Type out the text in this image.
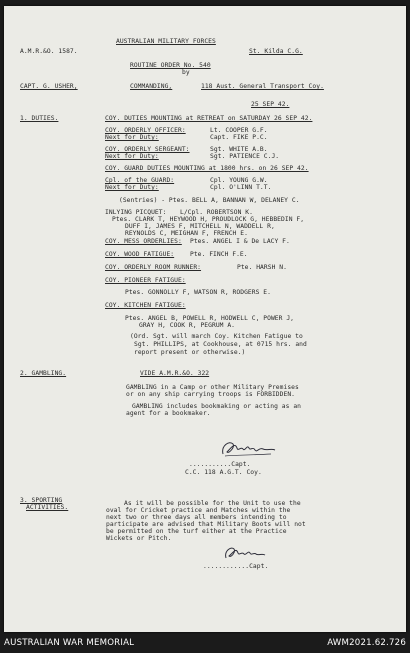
AUSTRALIAN MILITARY FORCES
A.M.R.&O. 1587.	St. Kilda C.G.
ROUTINE ORDER No. 540
by
CAPT. G. USHER,	COMMANDING,	118 Aust. General Transport Coy.
25 SEP 42.
1. DUTIES.	COY. DUTIES MOUNTING at RETREAT on SATURDAY 26 SEP 42.
COY. ORDERLY OFFICER:	Lt. COOPER G.F.
Next for Duty:	Capt. FIKE P.C.
COY. ORDERLY SERGEANT:	Sgt. WHITE A.B.
Next for Duty:	Sgt. PATIENCE C.J.
COY. GUARD DUTIES MOUNTING at 1800 hrs. on 26 SEP 42.
Cpl. of the GUARD:	Cpl. YOUNG G.W.
Next for Duty:	Cpl. O'LINN T.T.
(Sentries) - Ptes. BELL A, BANNAN W, DELANEY C.
INLYING PICQUET: L/Cpl. ROBERTSON K.
Ptes. CLARK T, HEYWOOD H, PROUDLOCK G, HEBBEDIN F,
DUFF I, JAMES F, MITCHELL N, WADDELL R,
REYNOLDS C, MEIGHAN F, FRENCH E.
COY. MESS ORDERLIES: Ptes. ANGEL I & De LACY F.
COY. WOOD FATIGUE:	Pte. FINCH F.E.
COY. ORDERLY ROOM RUNNER:	Pte. HARSH N.
COY. PIONEER FATIGUE:
Ptes. GONNOLLY F, WATSON R, RODGERS E.
COY. KITCHEN FATIGUE:
Ptes. ANGEL B, POWELL R, HODWELL C, POWER J,
GRAY H, COOK R, PEGRUM A.
(Ord. Sgt. will march Coy. Kitchen Fatigue to
Sgt. PHILLIPS, at Cookhouse, at 0715 hrs. and
report present or otherwise.)
2. GAMBLING.	VIDE A.M.R.&O. 322
GAMBLING in a Camp or other Military Premises
or on any ship carrying troops is FORBIDDEN.
GAMBLING includes bookmaking or acting as an
agent for a bookmaker.
...........Capt.
C.C. 118 A.G.T. Coy.
3. SPORTING
ACTIVITIES.
As it will be possible for the Unit to use the
oval for Cricket practice and Matches within the
next two or three days all members intending to
participate are advised that Military Boots will not
be permitted on the turf either at the Practice
Wickets or Pitch.
............Capt.
AUSTRALIAN WAR MEMORIAL	AWM2021.62.726
